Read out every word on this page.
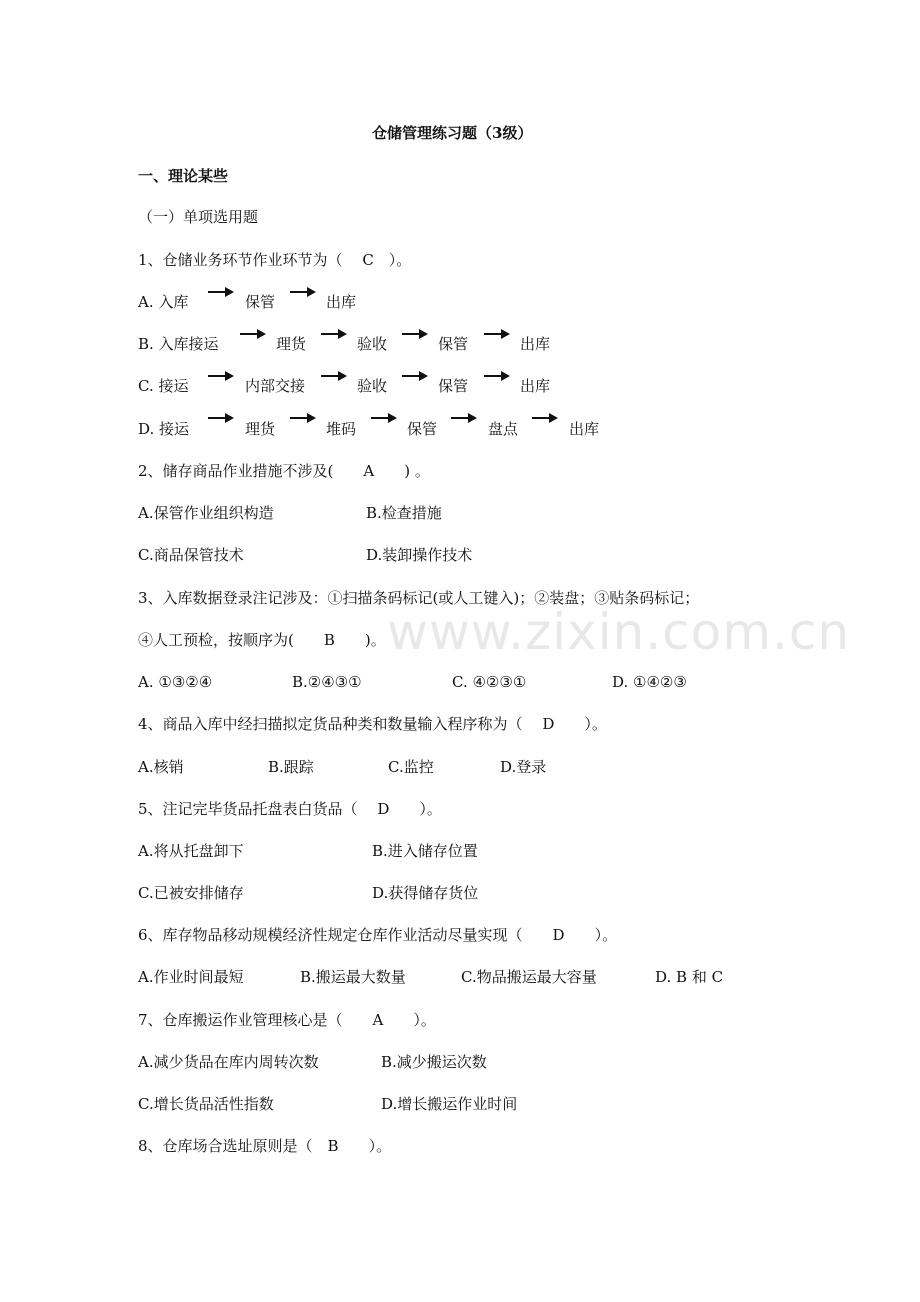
www.zixin.com.cn
仓储管理练习题（3级）
一、理论某些
（一）单项选用题
1、仓储业务环节作业环节为（　 C　）。
A. 入库	保管	出库
B. 入库接运	理货	验收	保管	出库
C. 接运	内部交接	验收	保管	出库
D. 接运	理货	堆码	保管	盘点	出库
2、储存商品作业措施不涉及(　　A　　) 。
A.保管作业组织构造	B.检查措施
C.商品保管技术	D.装卸操作技术
3、入库数据登录注记涉及：①扫描条码标记(或人工键入)；②装盘；③贴条码标记；
④人工预检，按顺序为(　　B　　)。
A. ①③②④	B.②④③①	C. ④②③①	D. ①④②③
4、商品入库中经扫描拟定货品种类和数量输入程序称为（　 D　　）。
A.核销	B.跟踪	C.监控	D.登录
5、注记完毕货品托盘表白货品（　 D　　）。
A.将从托盘卸下	B.进入储存位置
C.已被安排储存	D.获得储存货位
6、库存物品移动规模经济性规定仓库作业活动尽量实现（　　D　　）。
A.作业时间最短	B.搬运最大数量	C.物品搬运最大容量	D. B 和 C
7、仓库搬运作业管理核心是（　　A　　）。
A.减少货品在库内周转次数	B.减少搬运次数
C.增长货品活性指数	D.增长搬运作业时间
8、仓库场合选址原则是（　B　　）。
